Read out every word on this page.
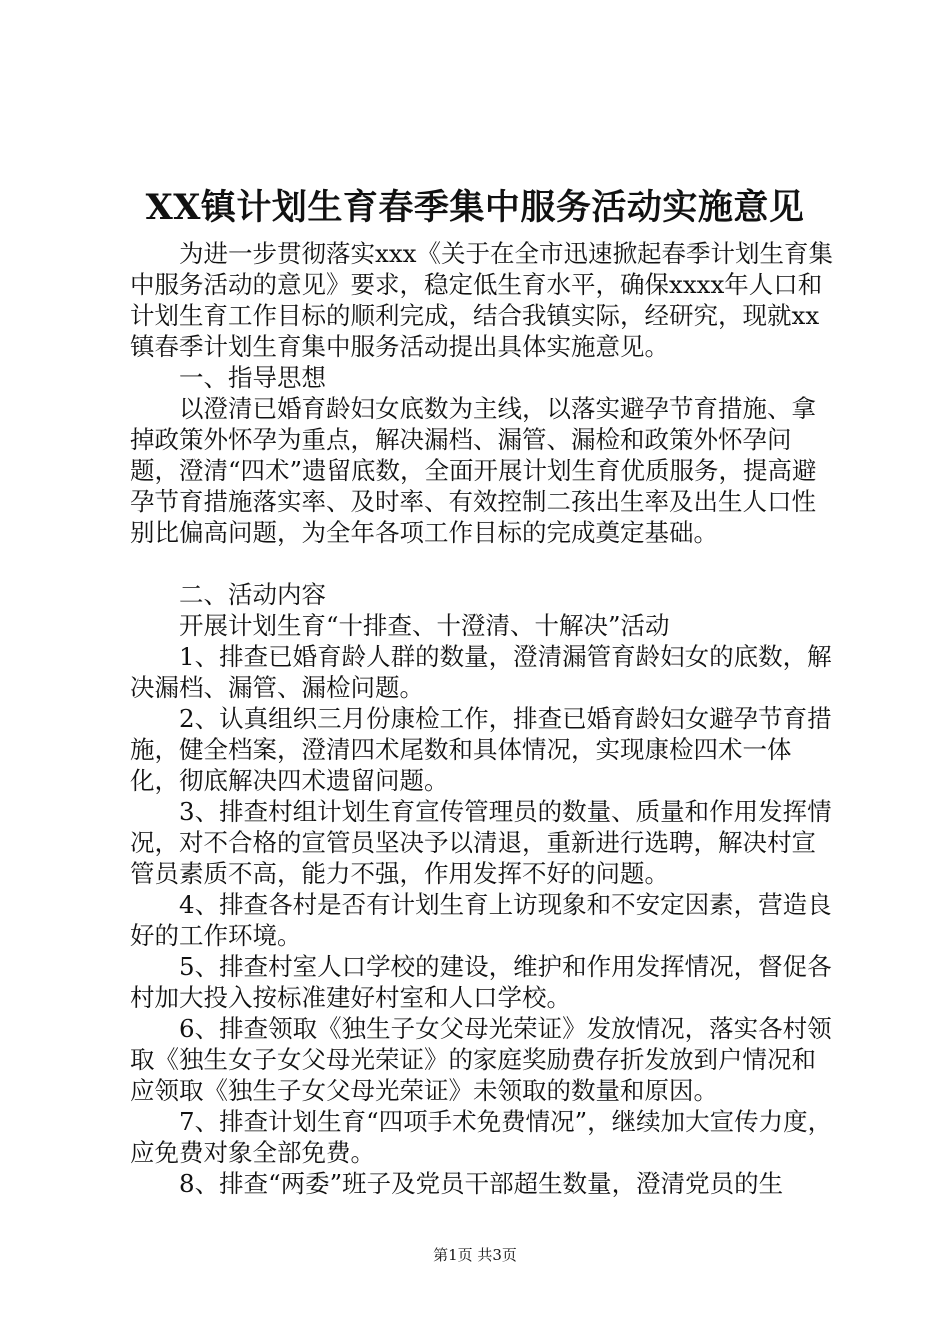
XX镇计划生育春季集中服务活动实施意见

为进一步贯彻落实xxx《关于在全市迅速掀起春季计划生育集中服务活动的意见》要求，稳定低生育水平，确保xxxx年人口和计划生育工作目标的顺利完成，结合我镇实际，经研究，现就xx镇春季计划生育集中服务活动提出具体实施意见。

一、指导思想

以澄清已婚育龄妇女底数为主线，以落实避孕节育措施、拿掉政策外怀孕为重点，解决漏档、漏管、漏检和政策外怀孕问题，澄清“四术”遗留底数，全面开展计划生育优质服务，提高避孕节育措施落实率、及时率、有效控制二孩出生率及出生人口性别比偏高问题，为全年各项工作目标的完成奠定基础。

二、活动内容

开展计划生育“十排查、十澄清、十解决”活动

1、排查已婚育龄人群的数量，澄清漏管育龄妇女的底数，解决漏档、漏管、漏检问题。

2、认真组织三月份康检工作，排查已婚育龄妇女避孕节育措施，健全档案，澄清四术尾数和具体情况，实现康检四术一体化，彻底解决四术遗留问题。

3、排查村组计划生育宣传管理员的数量、质量和作用发挥情况，对不合格的宣管员坚决予以清退，重新进行选聘，解决村宣管员素质不高，能力不强，作用发挥不好的问题。

4、排查各村是否有计划生育上访现象和不安定因素，营造良好的工作环境。

5、排查村室人口学校的建设，维护和作用发挥情况，督促各村加大投入按标准建好村室和人口学校。

6、排查领取《独生子女父母光荣证》发放情况，落实各村领取《独生女子女父母光荣证》的家庭奖励费存折发放到户情况和应领取《独生子女父母光荣证》未领取的数量和原因。

7、排查计划生育“四项手术免费情况”，继续加大宣传力度，应免费对象全部免费。

8、排查“两委”班子及党员干部超生数量，澄清党员的生

第1页 共3页
